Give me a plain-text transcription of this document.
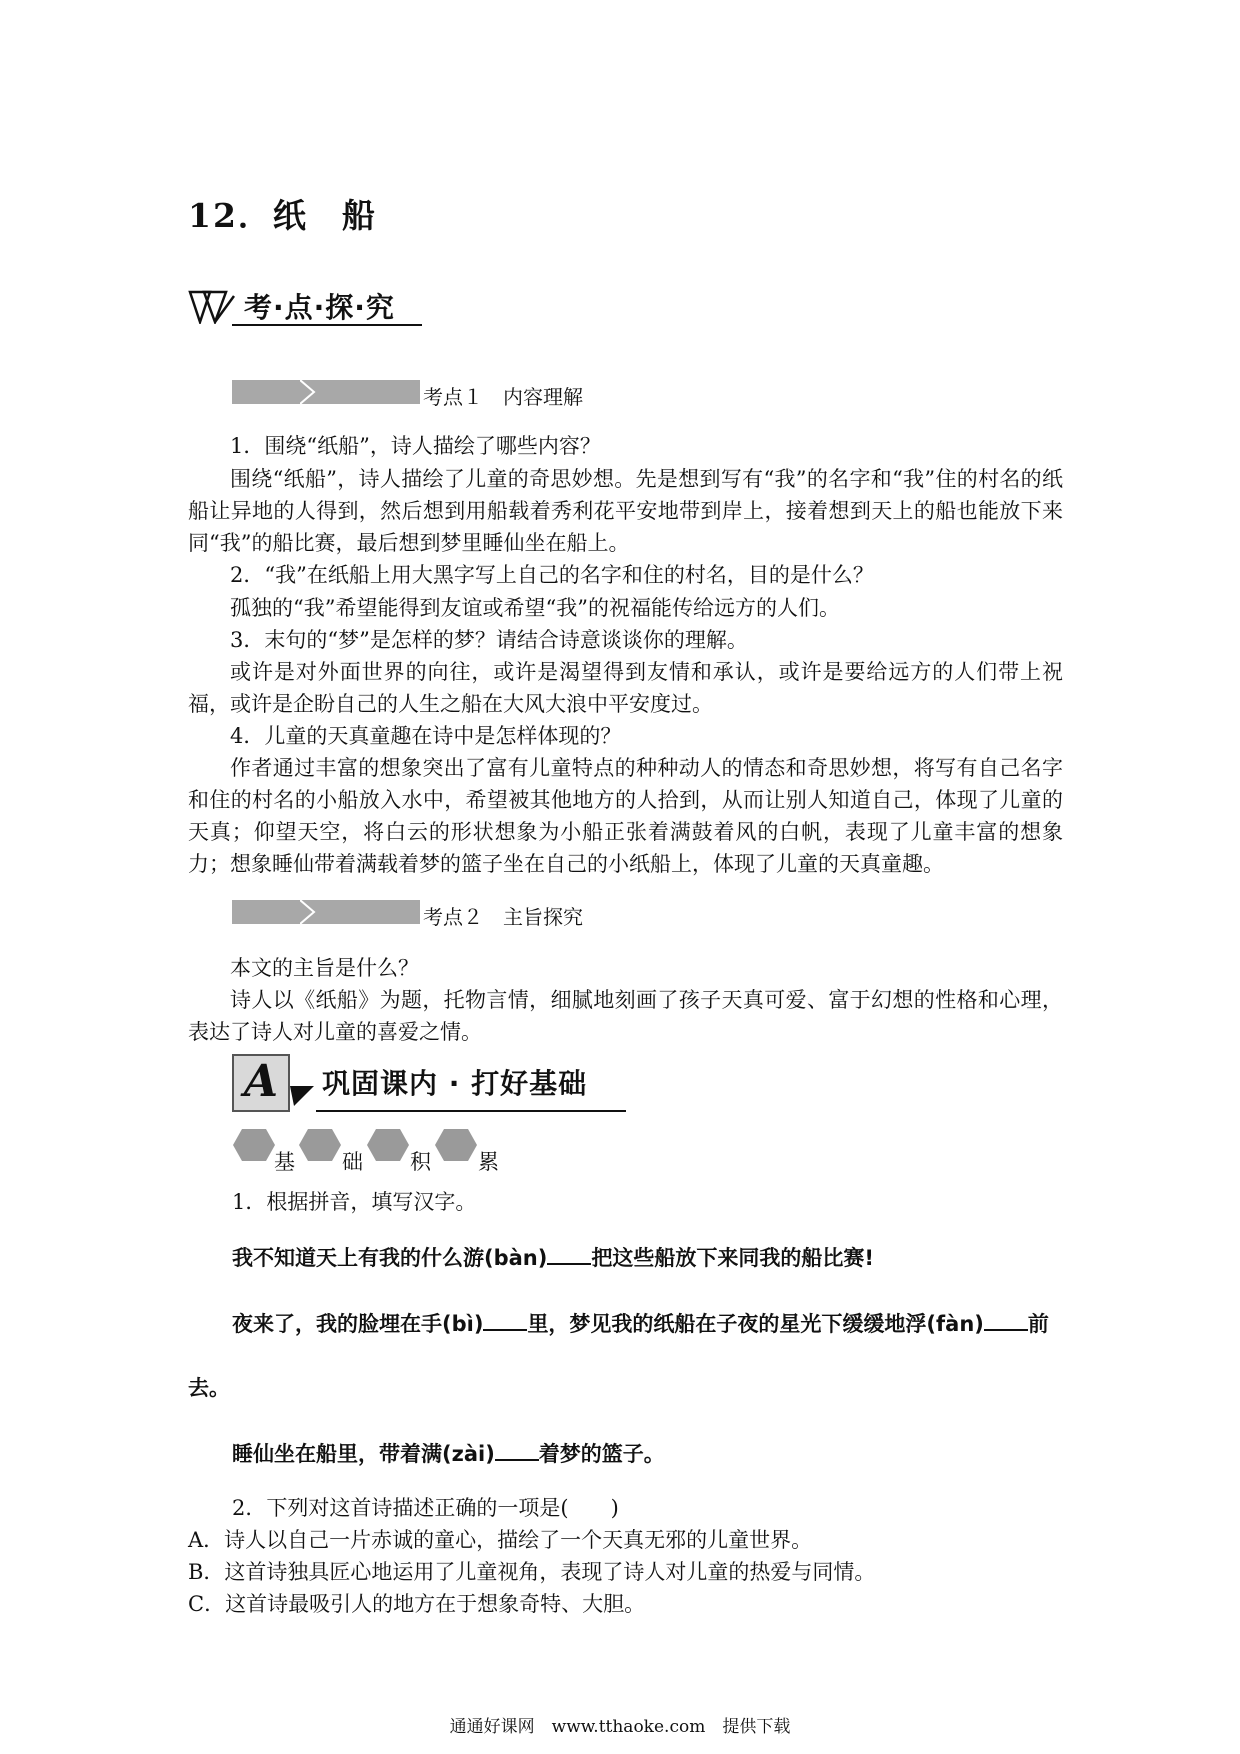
12．纸 船
考·点·探·究
考点１　内容理解

1．围绕“纸船”，诗人描绘了哪些内容？

围绕“纸船”，诗人描绘了儿童的奇思妙想。先是想到写有“我”的名字和“我”住的村名的纸船让异地的人得到，然后想到用船载着秀利花平安地带到岸上，接着想到天上的船也能放下来同“我”的船比赛，最后想到梦里睡仙坐在船上。

2．“我”在纸船上用大黑字写上自己的名字和住的村名，目的是什么？

孤独的“我”希望能得到友谊或希望“我”的祝福能传给远方的人们。

3．末句的“梦”是怎样的梦？请结合诗意谈谈你的理解。

或许是对外面世界的向往，或许是渴望得到友情和承认，或许是要给远方的人们带上祝福，或许是企盼自己的人生之船在大风大浪中平安度过。

4．儿童的天真童趣在诗中是怎样体现的？

作者通过丰富的想象突出了富有儿童特点的种种动人的情态和奇思妙想，将写有自己名字和住的村名的小船放入水中，希望被其他地方的人拾到，从而让别人知道自己，体现了儿童的天真；仰望天空，将白云的形状想象为小船正张着满鼓着风的白帆，表现了儿童丰富的想象力；想象睡仙带着满载着梦的篮子坐在自己的小纸船上，体现了儿童的天真童趣。

考点２　主旨探究

本文的主旨是什么？

诗人以《纸船》为题，托物言情，细腻地刻画了孩子天真可爱、富于幻想的性格和心理，表达了诗人对儿童的喜爱之情。

A	巩固课内 · 打好基础
基 础 积 累
1．根据拼音，填写汉字。
我不知道天上有我的什么游(bàn) 把这些船放下来同我的船比赛!
夜来了，我的脸埋在手(bì) 里，梦见我的纸船在子夜的星光下缓缓地浮(fàn) 前
去。
睡仙坐在船里，带着满(zài) 着梦的篮子。
2．下列对这首诗描述正确的一项是( )
A．诗人以自己一片赤诚的童心，描绘了一个天真无邪的儿童世界。
B．这首诗独具匠心地运用了儿童视角，表现了诗人对儿童的热爱与同情。
C．这首诗最吸引人的地方在于想象奇特、大胆。
通通好课网　www.tthaoke.com　提供下载
